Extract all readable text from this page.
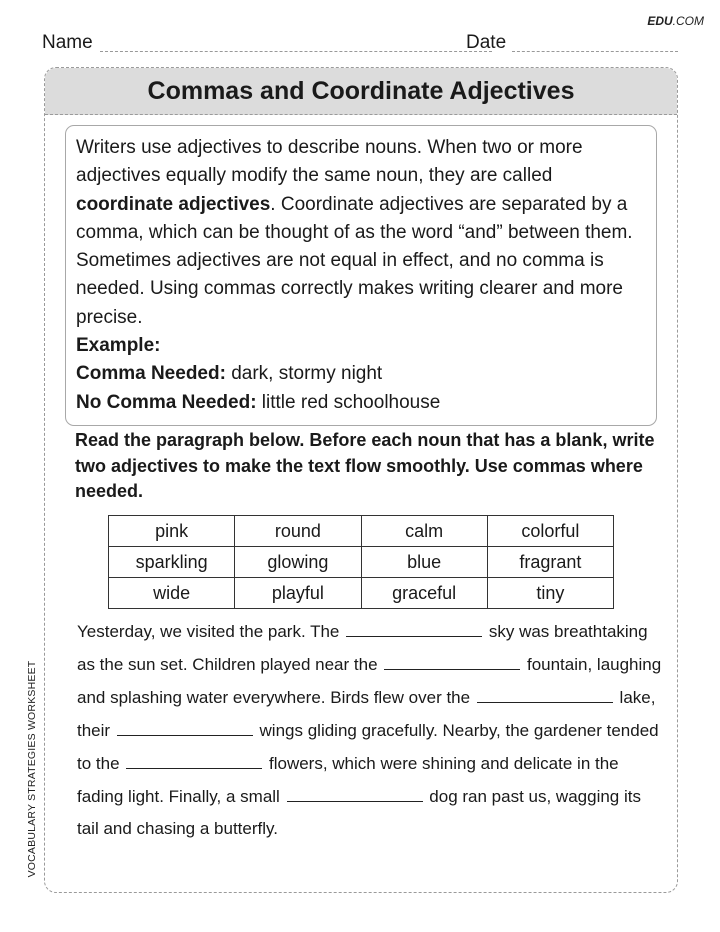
EDU.COM
Name	Date
VOCABULARY STRATEGIES WORKSHEET
Commas and Coordinate Adjectives

Writers use adjectives to describe nouns. When two or more adjectives equally modify the same noun, they are called coordinate adjectives. Coordinate adjectives are separated by a comma, which can be thought of as the word “and” between them. Sometimes adjectives are not equal in effect, and no comma is needed. Using commas correctly makes writing clearer and more precise.

Example:

Comma Needed: dark, stormy night

No Comma Needed: little red schoolhouse

Read the paragraph below. Before each noun that has a blank, write two adjectives to make the text flow smoothly. Use commas where needed.
pink	round	calm	colorful
sparkling	glowing	blue	fragrant
wide	playful	graceful	tiny
Yesterday, we visited the park. The	sky was breathtaking as the sun set. Children played near the	fountain, laughing and splashing water everywhere. Birds flew over the	lake, their	wings gliding gracefully. Nearby, the gardener tended to the	flowers, which were shining and delicate in the fading light. Finally, a small	dog ran past us, wagging its tail and chasing a butterfly.
